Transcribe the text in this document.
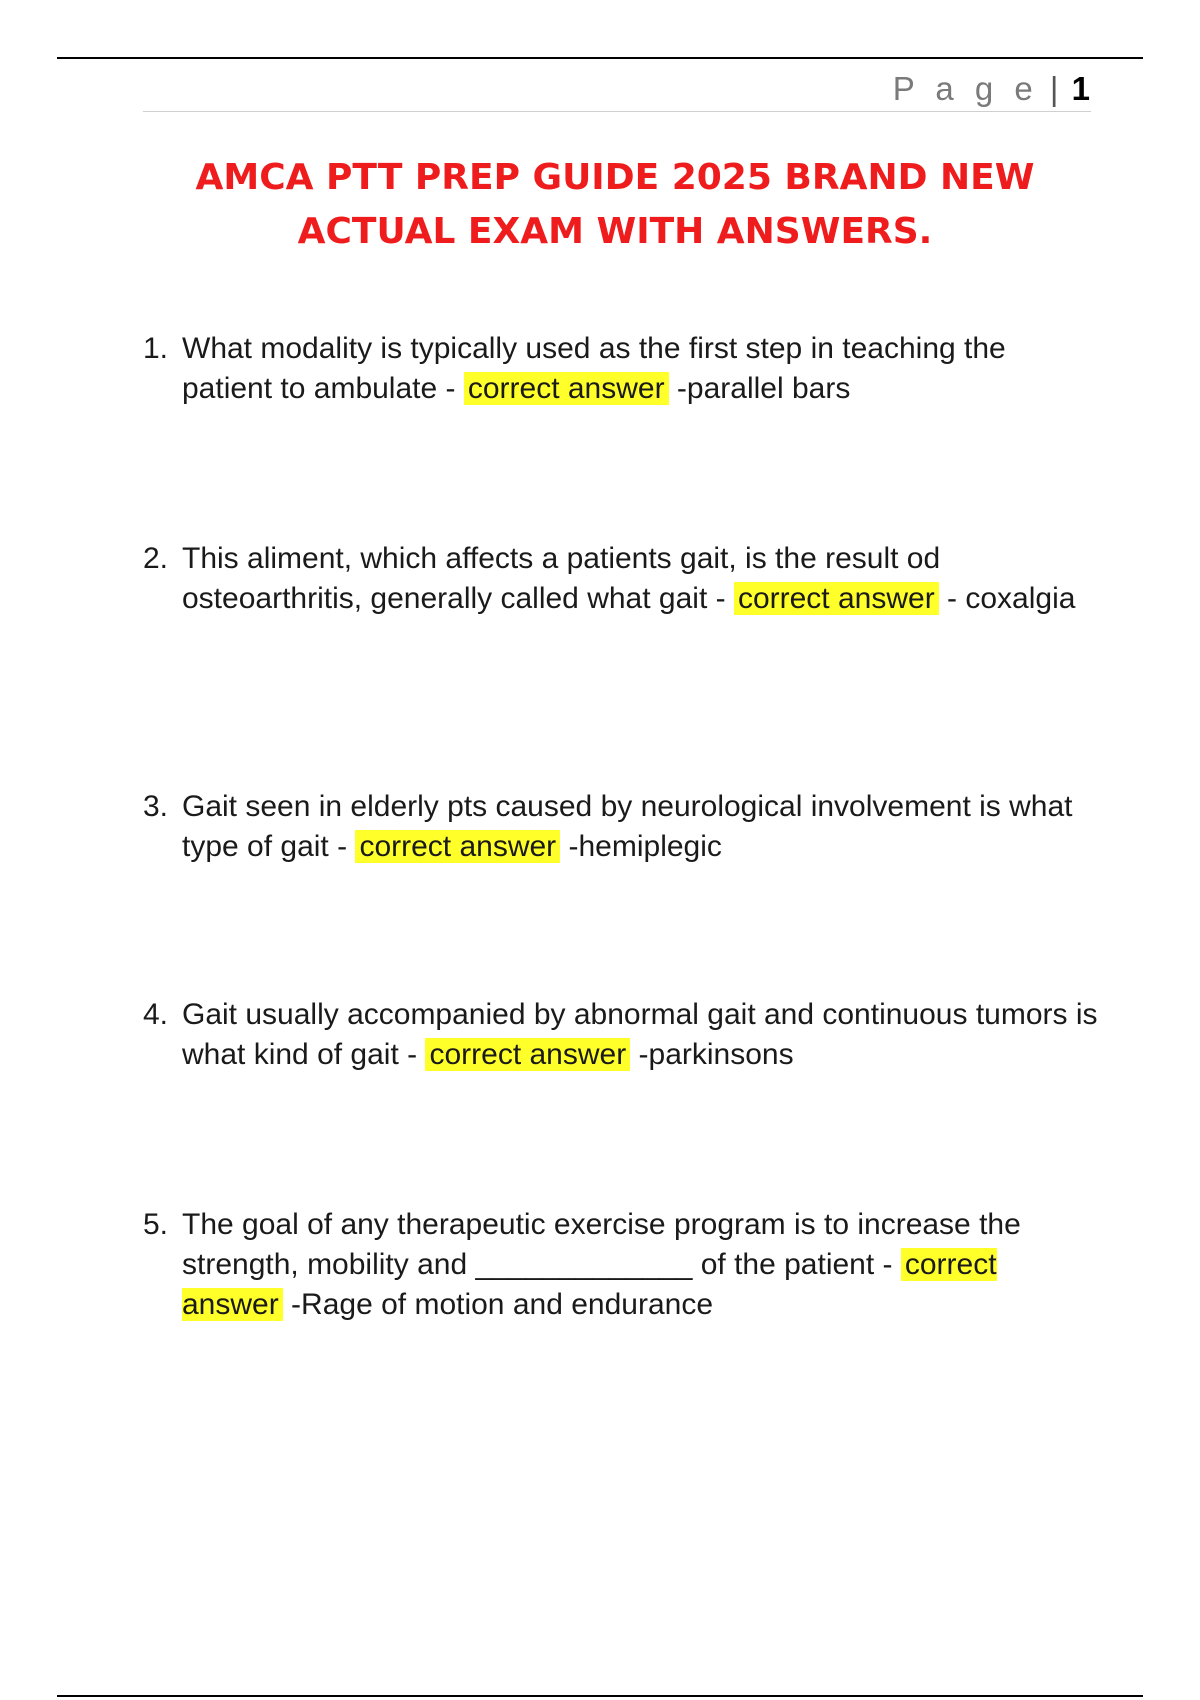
P a g e | 1
AMCA PTT PREP GUIDE 2025 BRAND NEW
ACTUAL EXAM WITH ANSWERS.
1. What modality is typically used as the first step in teaching the patient to ambulate - correct answer -parallel bars
2. This aliment, which affects a patients gait, is the result od osteoarthritis, generally called what gait - correct answer - coxalgia
3. Gait seen in elderly pts caused by neurological involvement is what type of gait - correct answer -hemiplegic
4. Gait usually accompanied by abnormal gait and continuous tumors is what kind of gait - correct answer -parkinsons
5. The goal of any therapeutic exercise program is to increase the strength, mobility and _____________ of the patient - correct answer -Rage of motion and endurance
